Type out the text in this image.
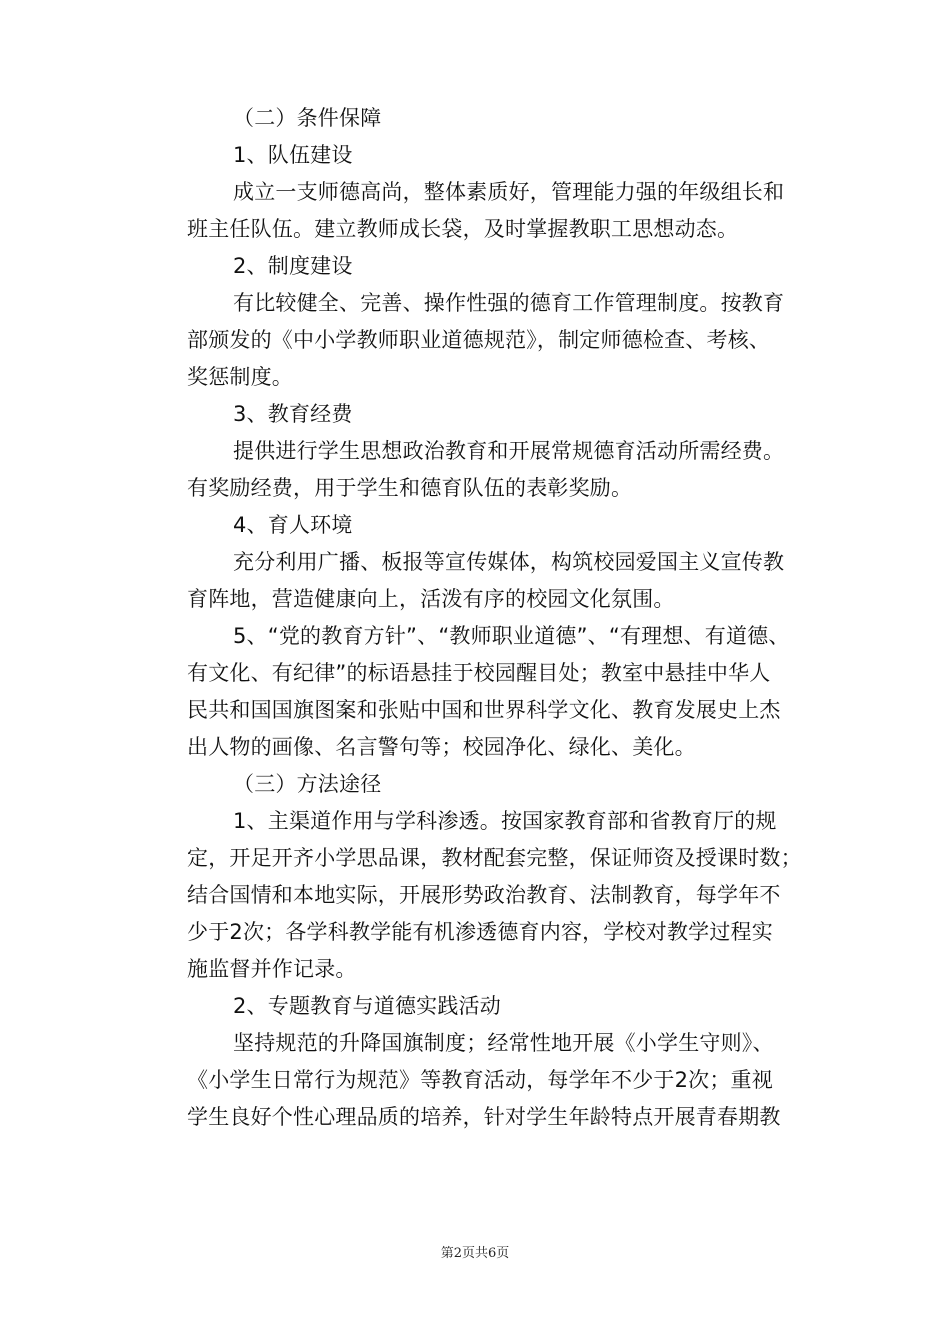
（二）条件保障
1、队伍建设
成立一支师德高尚，整体素质好，管理能力强的年级组长和
班主任队伍。建立教师成长袋，及时掌握教职工思想动态。
2、制度建设
有比较健全、完善、操作性强的德育工作管理制度。按教育
部颁发的《中小学教师职业道德规范》，制定师德检查、考核、
奖惩制度。
3、教育经费
提供进行学生思想政治教育和开展常规德育活动所需经费。
有奖励经费，用于学生和德育队伍的表彰奖励。
4、育人环境
充分利用广播、板报等宣传媒体，构筑校园爱国主义宣传教
育阵地，营造健康向上，活泼有序的校园文化氛围。
5、“党的教育方针”、“教师职业道德”、“有理想、有道德、
有文化、有纪律”的标语悬挂于校园醒目处；教室中悬挂中华人
民共和国国旗图案和张贴中国和世界科学文化、教育发展史上杰
出人物的画像、名言警句等；校园净化、绿化、美化。
（三）方法途径
1、主渠道作用与学科渗透。按国家教育部和省教育厅的规
定，开足开齐小学思品课，教材配套完整，保证师资及授课时数；
结合国情和本地实际，开展形势政治教育、法制教育，每学年不
少于2次；各学科教学能有机渗透德育内容，学校对教学过程实
施监督并作记录。
2、专题教育与道德实践活动
坚持规范的升降国旗制度；经常性地开展《小学生守则》、
《小学生日常行为规范》等教育活动，每学年不少于2次；重视
学生良好个性心理品质的培养，针对学生年龄特点开展青春期教
第2页共6页
